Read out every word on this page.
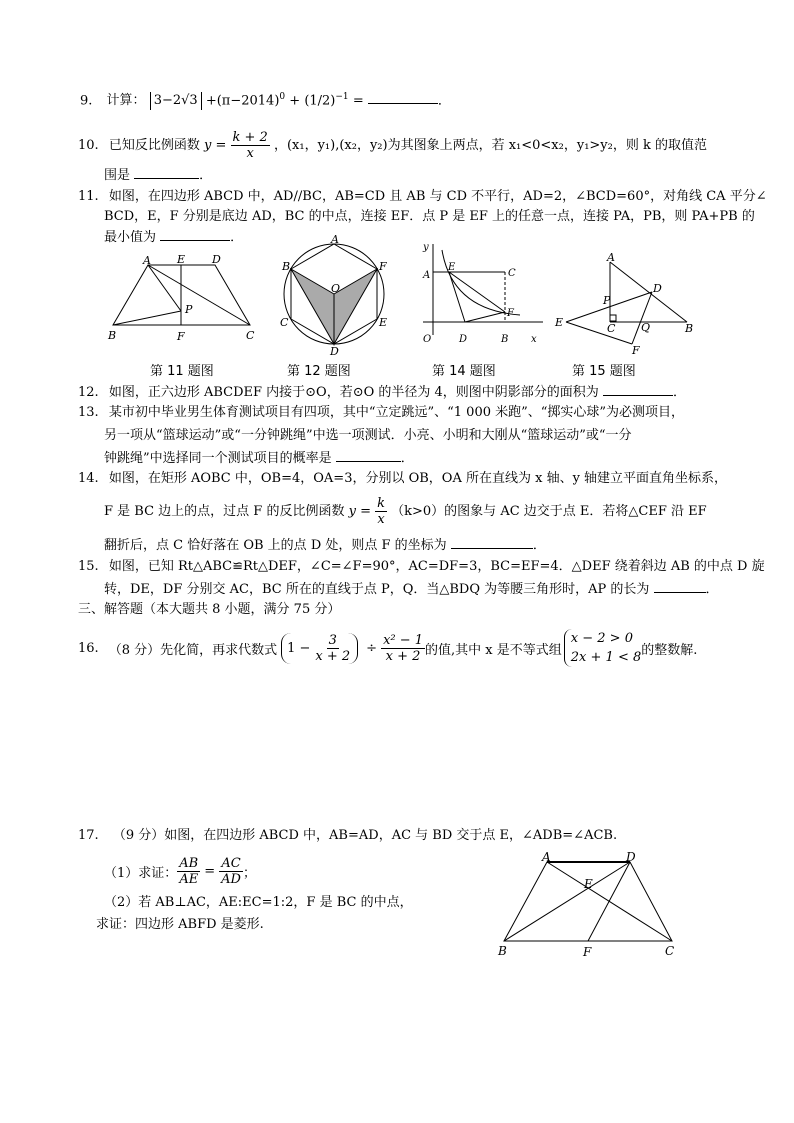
9. 计算： $3-2√3 +(\pi-2014)^0 + (1/2)^{-1}$ =	．
10. 已知反比例函数 $y = \frac{k + 2}{x}$ ，(x₁，y₁),(x₂，y₂)为其图象上两点，若 x₁<0<x₂，y₁>y₂，则 k 的取值范
围是	．
11. 如图，在四边形 ABCD 中，AD//BC，AB=CD 且 AB 与 CD 不平行，AD=2，∠BCD=60°，对角线 CA 平分∠
BCD，E，F 分别是底边 AD，BC 的中点，连接 EF．点 P 是 EF 上的任意一点，连接 PA，PB，则 PA+PB 的
最小值为	．
A E D
B	F	C
P
A
B	F
O
C	E
D
y
A
E
C
F
O	D	B x
A
D
P
E	C Q	B
F
第 11 题图	第 12 题图	第 14 题图	第 15 题图
12. 如图，正六边形 ABCDEF 内接于⊙O，若⊙O 的半径为 4，则图中阴影部分的面积为	．
13. 某市初中毕业男生体育测试项目有四项，其中“立定跳远”、“1 000 米跑”、“掷实心球”为必测项目，
另一项从“篮球运动”或“一分钟跳绳”中选一项测试．小亮、小明和大刚从“篮球运动”或“一分
钟跳绳”中选择同一个测试项目的概率是	．
14. 如图，在矩形 AOBC 中，OB=4，OA=3，分别以 OB，OA 所在直线为 x 轴、y 轴建立平面直角坐标系，
F 是 BC 边上的点，过点 F 的反比例函数 $y = \frac{k}{x} (k>0)$的图象与 AC 边交于点 E．若将△CEF 沿 EF
翻折后，点 C 恰好落在 OB 上的点 D 处，则点 F 的坐标为	．
15. 如图，已知 Rt△ABC≌Rt△DEF，∠C=∠F=90°，AC=DF=3，BC=EF=4．△DEF 绕着斜边 AB 的中点 D 旋
转，DE，DF 分别交 AC，BC 所在的直线于点 P，Q．当△BDQ 为等腰三角形时，AP 的长为	．
三、解答题（本大题共 8 小题，满分 75 分）
16. （8 分）先化简，再求代数式 $1 - \frac{3}{x + 2} \div \frac{\text{x² − 1}}{x + 2}$ 的值,其中 x 是不等式组
x − 2 > 0
2x + 1 < 8 的整数解.
17. （9 分）如图，在四边形 ABCD 中，AB=AD，AC 与 BD 交于点 E，∠ADB=∠ACB.
（1）求证： $\frac{AB}{AE} = \frac{AC}{AD}$ ；
（2）若 AB⊥AC，AE:EC=1:2，F 是 BC 的中点，
求证：四边形 ABFD 是菱形.
A	D
E
B	F	C
